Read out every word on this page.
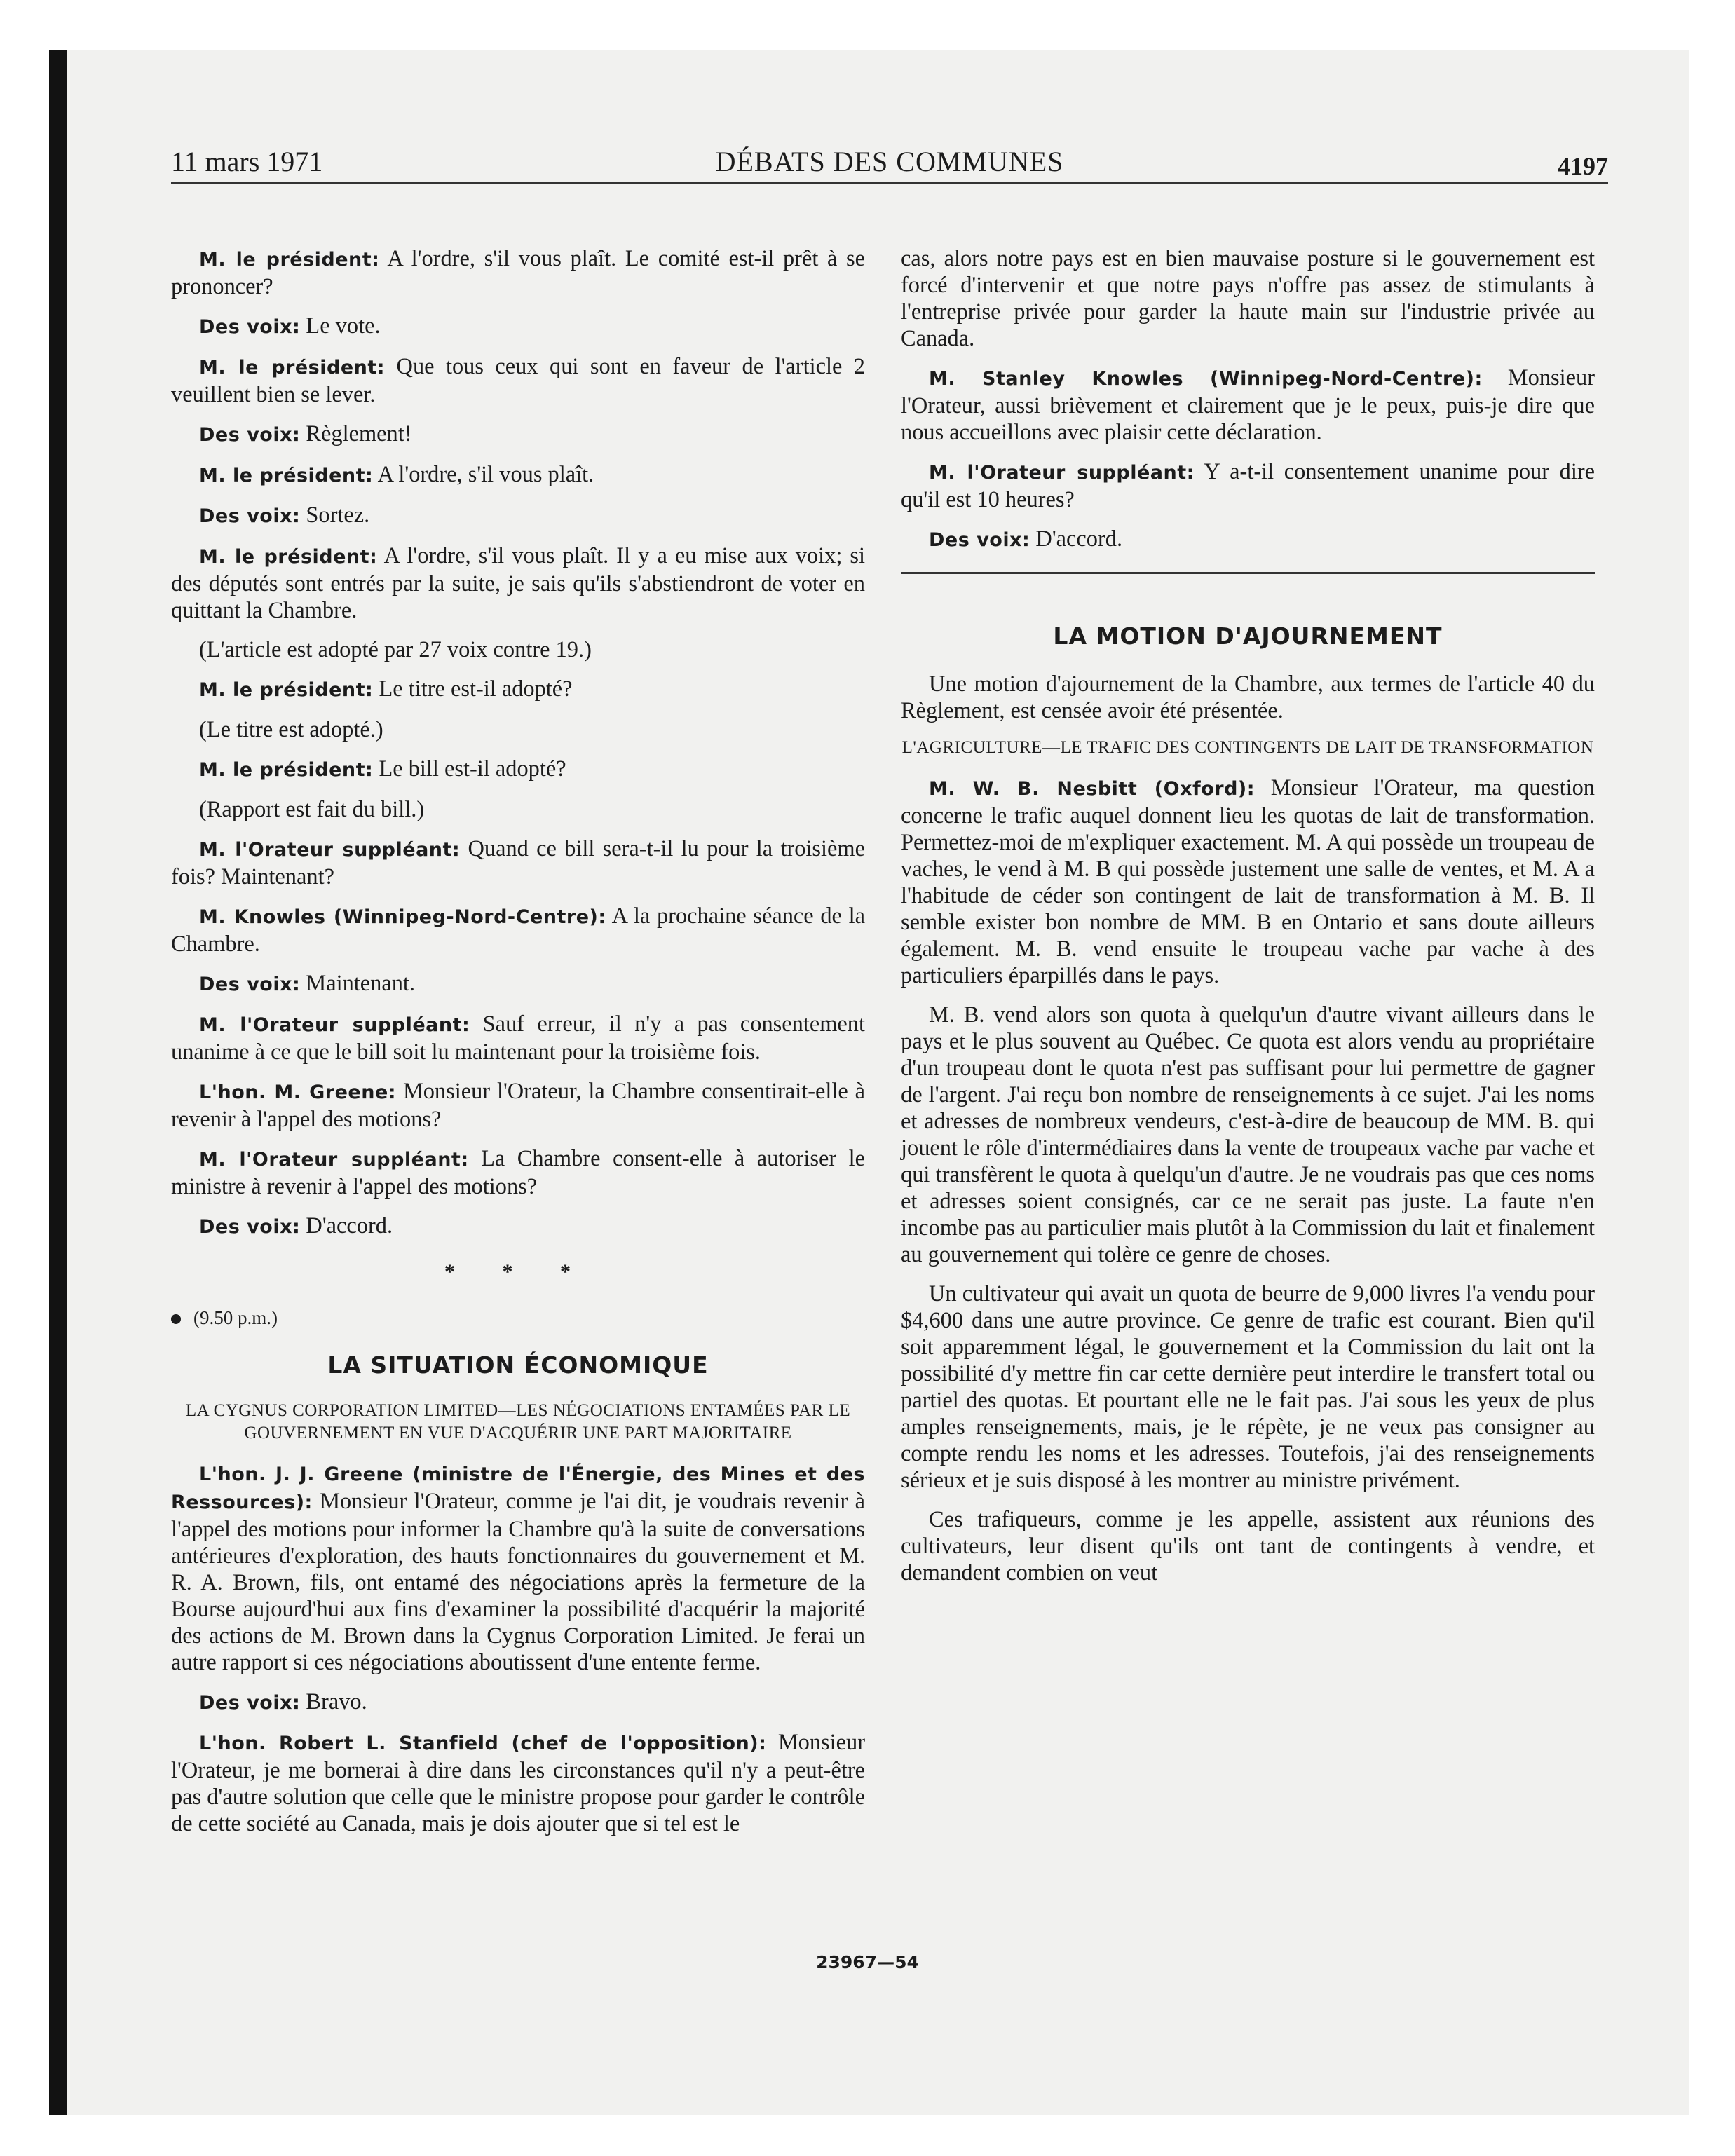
11 mars 1971	DÉBATS DES COMMUNES	4197

M. le président: A l'ordre, s'il vous plaît. Le comité est-il prêt à se prononcer?

Des voix: Le vote.

M. le président: Que tous ceux qui sont en faveur de l'article 2 veuillent bien se lever.

Des voix: Règlement!

M. le président: A l'ordre, s'il vous plaît.

Des voix: Sortez.

M. le président: A l'ordre, s'il vous plaît. Il y a eu mise aux voix; si des députés sont entrés par la suite, je sais qu'ils s'abstiendront de voter en quittant la Chambre.

(L'article est adopté par 27 voix contre 19.)

M. le président: Le titre est-il adopté?

(Le titre est adopté.)

M. le président: Le bill est-il adopté?

(Rapport est fait du bill.)

M. l'Orateur suppléant: Quand ce bill sera-t-il lu pour la troisième fois? Maintenant?

M. Knowles (Winnipeg-Nord-Centre): A la prochaine séance de la Chambre.

Des voix: Maintenant.

M. l'Orateur suppléant: Sauf erreur, il n'y a pas consentement unanime à ce que le bill soit lu maintenant pour la troisième fois.

L'hon. M. Greene: Monsieur l'Orateur, la Chambre consentirait-elle à revenir à l'appel des motions?

M. l'Orateur suppléant: La Chambre consent-elle à autoriser le ministre à revenir à l'appel des motions?

Des voix: D'accord.

* * *
(9.50 p.m.)
LA SITUATION ÉCONOMIQUE
LA CYGNUS CORPORATION LIMITED—LES NÉGOCIATIONS ENTAMÉES PAR LE GOUVERNEMENT EN VUE D'ACQUÉRIR UNE PART MAJORITAIRE

L'hon. J. J. Greene (ministre de l'Énergie, des Mines et des Ressources): Monsieur l'Orateur, comme je l'ai dit, je voudrais revenir à l'appel des motions pour informer la Chambre qu'à la suite de conversations antérieures d'exploration, des hauts fonctionnaires du gouvernement et M. R. A. Brown, fils, ont entamé des négociations après la fermeture de la Bourse aujourd'hui aux fins d'examiner la possibilité d'acquérir la majorité des actions de M. Brown dans la Cygnus Corporation Limited. Je ferai un autre rapport si ces négociations aboutissent d'une entente ferme.

Des voix: Bravo.

L'hon. Robert L. Stanfield (chef de l'opposition): Monsieur l'Orateur, je me bornerai à dire dans les circonstances qu'il n'y a peut-être pas d'autre solution que celle que le ministre propose pour garder le contrôle de cette société au Canada, mais je dois ajouter que si tel est le

cas, alors notre pays est en bien mauvaise posture si le gouvernement est forcé d'intervenir et que notre pays n'offre pas assez de stimulants à l'entreprise privée pour garder la haute main sur l'industrie privée au Canada.

M. Stanley Knowles (Winnipeg-Nord-Centre): Monsieur l'Orateur, aussi brièvement et clairement que je le peux, puis-je dire que nous accueillons avec plaisir cette déclaration.

M. l'Orateur suppléant: Y a-t-il consentement unanime pour dire qu'il est 10 heures?

Des voix: D'accord.

LA MOTION D'AJOURNEMENT

Une motion d'ajournement de la Chambre, aux termes de l'article 40 du Règlement, est censée avoir été présentée.

L'AGRICULTURE—LE TRAFIC DES CONTINGENTS DE LAIT DE TRANSFORMATION

M. W. B. Nesbitt (Oxford): Monsieur l'Orateur, ma question concerne le trafic auquel donnent lieu les quotas de lait de transformation. Permettez-moi de m'expliquer exactement. M. A qui possède un troupeau de vaches, le vend à M. B qui possède justement une salle de ventes, et M. A a l'habitude de céder son contingent de lait de transformation à M. B. Il semble exister bon nombre de MM. B en Ontario et sans doute ailleurs également. M. B. vend ensuite le troupeau vache par vache à des particuliers éparpillés dans le pays.

M. B. vend alors son quota à quelqu'un d'autre vivant ailleurs dans le pays et le plus souvent au Québec. Ce quota est alors vendu au propriétaire d'un troupeau dont le quota n'est pas suffisant pour lui permettre de gagner de l'argent. J'ai reçu bon nombre de renseignements à ce sujet. J'ai les noms et adresses de nombreux vendeurs, c'est-à-dire de beaucoup de MM. B. qui jouent le rôle d'intermédiaires dans la vente de troupeaux vache par vache et qui transfèrent le quota à quelqu'un d'autre. Je ne voudrais pas que ces noms et adresses soient consignés, car ce ne serait pas juste. La faute n'en incombe pas au particulier mais plutôt à la Commission du lait et finalement au gouvernement qui tolère ce genre de choses.

Un cultivateur qui avait un quota de beurre de 9,000 livres l'a vendu pour $4,600 dans une autre province. Ce genre de trafic est courant. Bien qu'il soit apparemment légal, le gouvernement et la Commission du lait ont la possibilité d'y mettre fin car cette dernière peut interdire le transfert total ou partiel des quotas. Et pourtant elle ne le fait pas. J'ai sous les yeux de plus amples renseignements, mais, je le répète, je ne veux pas consigner au compte rendu les noms et les adresses. Toutefois, j'ai des renseignements sérieux et je suis disposé à les montrer au ministre privément.

Ces trafiqueurs, comme je les appelle, assistent aux réunions des cultivateurs, leur disent qu'ils ont tant de contingents à vendre, et demandent combien on veut

23967—54
